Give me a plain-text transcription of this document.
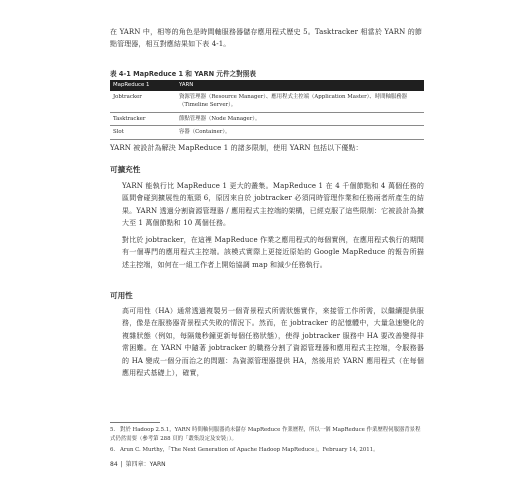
在 YARN 中，相等的角色是時間軸服務器儲存應用程式歷史 5。Tasktracker 相當於 YARN 的節點管理器，相互對應結果如下表 4-1。

表 4-1 MapReduce 1 和 YARN 元件之對照表

MapReduce 1	YARN
Jobtracker	資源管理器（Resource Manager）、應用程式主控端（Application Master）、時間軸服務器（Timeline Server）。
Tasktracker	節點管理器（Node Manager）。
Slot	容器（Container）。

YARN 被設計為解決 MapReduce 1 的諸多限制，使用 YARN 包括以下優點：

可擴充性

YARN 能執行比 MapReduce 1 更大的叢集。MapReduce 1 在 4 千個節點和 4 萬個任務的區間會碰到擴展性的瓶頸 6，原因來自於 jobtracker 必須同時管理作業和任務兩者所產生的結果。YARN 透過分割資源管理器 / 應用程式主控端的架構，已經克服了這些限制：它被設計為擴大至 1 萬個節點和 10 萬個任務。

對比於 jobtracker，在這裡 MapReduce 作業之應用程式的每個實例，在應用程式執行的期間有一個專門的應用程式主控端。該模式實際上更接近原始的 Google MapReduce 的報告所描述主控端，如何在一組工作者上開始協調 map 和減少任務執行。

可用性

高可用性（HA）通常透過複製另一個背景程式所需狀態實作，來接管工作所需，以繼續提供服務，像是在服務器背景程式失敗的情況下。然而，在 jobtracker 的記憶體中，大量急速變化的複雜狀態（例如，每隔幾秒鐘更新每個任務狀態），使得 jobtracker 服務中 HA 要改善變得非常困難。在 YARN 中隨著 jobtracker 的職務分割了資源管理器和應用程式主控端，令服務器的 HA 變成一個分而治之的問題：為資源管理器提供 HA，然後用於 YARN 應用程式（在每個應用程式基礎上），確實，

5. 對於 Hadoop 2.5.1，YARN 時間軸伺服器尚未儲存 MapReduce 作業歷程，所以一個 MapReduce 作業歷程伺服器背景程式仍然需要（參考第 288 頁的「叢集設定及安裝」）。

6. Arun C. Murthy，「The Next Generation of Apache Hadoop MapReduce」，February 14, 2011。

84 | 第四章：YARN
